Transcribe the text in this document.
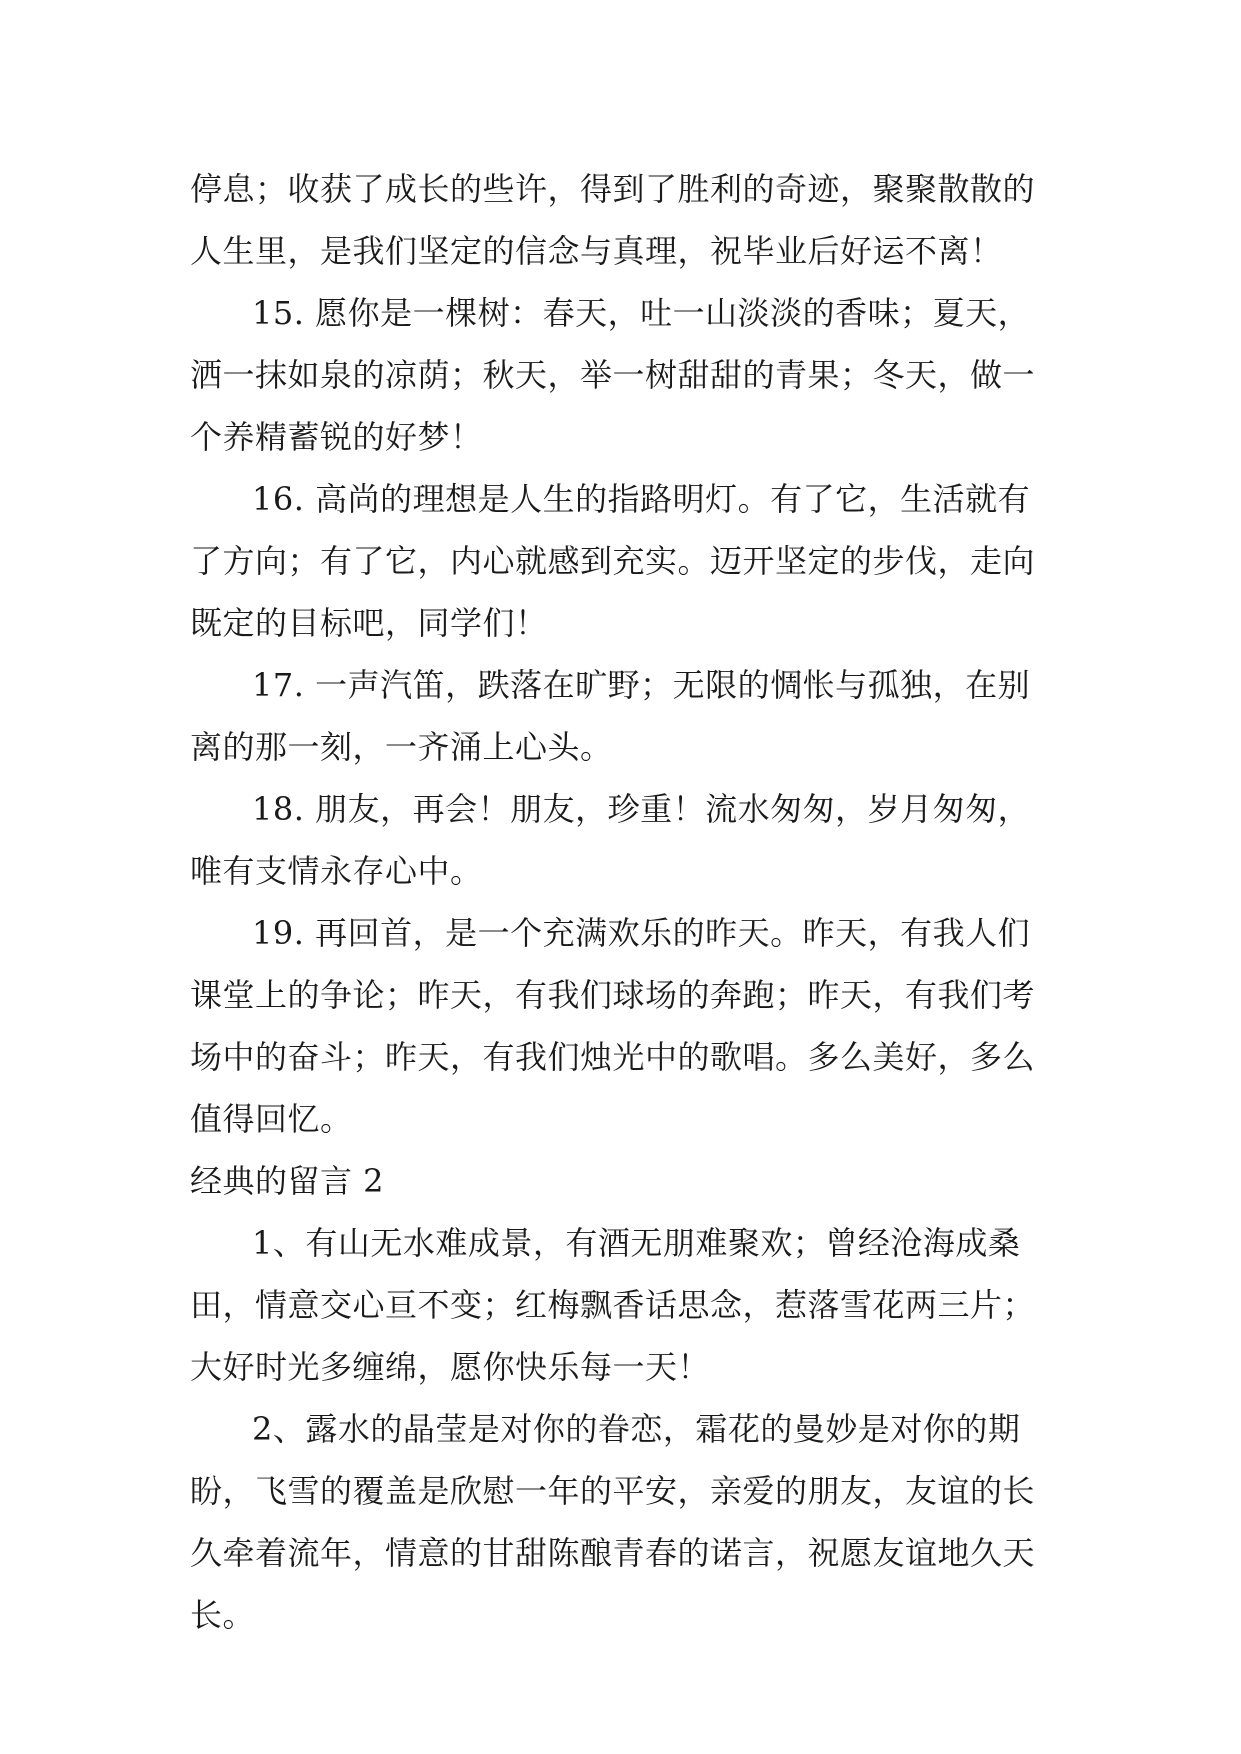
停息；收获了成长的些许，得到了胜利的奇迹，聚聚散散的
人生里，是我们坚定的信念与真理，祝毕业后好运不离！
15. 愿你是一棵树：春天，吐一山淡淡的香味；夏天，
洒一抹如泉的凉荫；秋天，举一树甜甜的青果；冬天，做一
个养精蓄锐的好梦！
16. 高尚的理想是人生的指路明灯。有了它，生活就有
了方向；有了它，内心就感到充实。迈开坚定的步伐，走向
既定的目标吧，同学们！
17. 一声汽笛，跌落在旷野；无限的惆怅与孤独，在别
离的那一刻，一齐涌上心头。
18. 朋友，再会！朋友，珍重！流水匆匆，岁月匆匆，
唯有支情永存心中。
19. 再回首，是一个充满欢乐的昨天。昨天，有我人们
课堂上的争论；昨天，有我们球场的奔跑；昨天，有我们考
场中的奋斗；昨天，有我们烛光中的歌唱。多么美好，多么
值得回忆。
经典的留言 2
1、有山无水难成景，有酒无朋难聚欢；曾经沧海成桑
田，情意交心亘不变；红梅飘香话思念，惹落雪花两三片；
大好时光多缠绵，愿你快乐每一天！
2、露水的晶莹是对你的眷恋，霜花的曼妙是对你的期
盼，飞雪的覆盖是欣慰一年的平安，亲爱的朋友，友谊的长
久牵着流年，情意的甘甜陈酿青春的诺言，祝愿友谊地久天
长。
